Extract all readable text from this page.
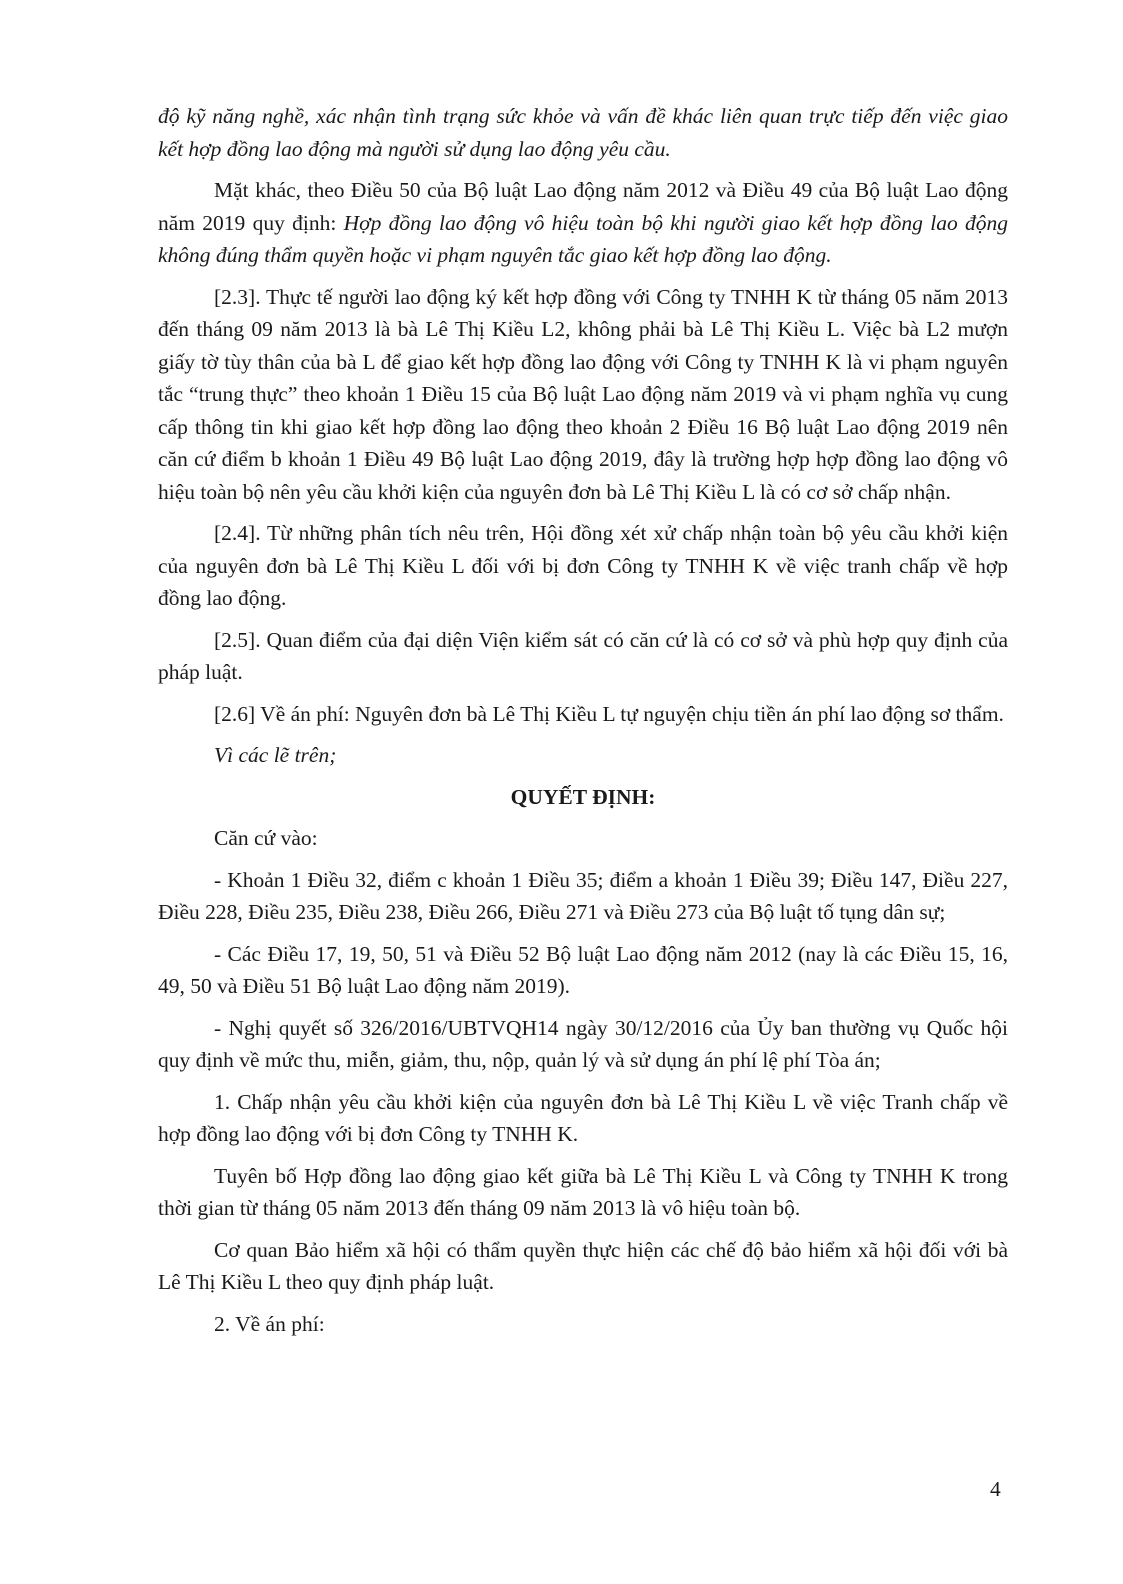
độ kỹ năng nghề, xác nhận tình trạng sức khỏe và vấn đề khác liên quan trực tiếp đến việc giao kết hợp đồng lao động mà người sử dụng lao động yêu cầu.

Mặt khác, theo Điều 50 của Bộ luật Lao động năm 2012 và Điều 49 của Bộ luật Lao động năm 2019 quy định: Hợp đồng lao động vô hiệu toàn bộ khi người giao kết hợp đồng lao động không đúng thẩm quyền hoặc vi phạm nguyên tắc giao kết hợp đồng lao động.

[2.3]. Thực tế người lao động ký kết hợp đồng với Công ty TNHH K từ tháng 05 năm 2013 đến tháng 09 năm 2013 là bà Lê Thị Kiều L2, không phải bà Lê Thị Kiều L. Việc bà L2 mượn giấy tờ tùy thân của bà L để giao kết hợp đồng lao động với Công ty TNHH K là vi phạm nguyên tắc “trung thực” theo khoản 1 Điều 15 của Bộ luật Lao động năm 2019 và vi phạm nghĩa vụ cung cấp thông tin khi giao kết hợp đồng lao động theo khoản 2 Điều 16 Bộ luật Lao động 2019 nên căn cứ điểm b khoản 1 Điều 49 Bộ luật Lao động 2019, đây là trường hợp hợp đồng lao động vô hiệu toàn bộ nên yêu cầu khởi kiện của nguyên đơn bà Lê Thị Kiều L là có cơ sở chấp nhận.

[2.4]. Từ những phân tích nêu trên, Hội đồng xét xử chấp nhận toàn bộ yêu cầu khởi kiện của nguyên đơn bà Lê Thị Kiều L đối với bị đơn Công ty TNHH K về việc tranh chấp về hợp đồng lao động.

[2.5]. Quan điểm của đại diện Viện kiểm sát có căn cứ là có cơ sở và phù hợp quy định của pháp luật.

[2.6] Về án phí: Nguyên đơn bà Lê Thị Kiều L tự nguyện chịu tiền án phí lao động sơ thẩm.

Vì các lẽ trên;

QUYẾT ĐỊNH:

Căn cứ vào:

- Khoản 1 Điều 32, điểm c khoản 1 Điều 35; điểm a khoản 1 Điều 39; Điều 147, Điều 227, Điều 228, Điều 235, Điều 238, Điều 266, Điều 271 và Điều 273 của Bộ luật tố tụng dân sự;

- Các Điều 17, 19, 50, 51 và Điều 52 Bộ luật Lao động năm 2012 (nay là các Điều 15, 16, 49, 50 và Điều 51 Bộ luật Lao động năm 2019).

- Nghị quyết số 326/2016/UBTVQH14 ngày 30/12/2016 của Ủy ban thường vụ Quốc hội quy định về mức thu, miễn, giảm, thu, nộp, quản lý và sử dụng án phí lệ phí Tòa án;

1. Chấp nhận yêu cầu khởi kiện của nguyên đơn bà Lê Thị Kiều L về việc Tranh chấp về hợp đồng lao động với bị đơn Công ty TNHH K.

Tuyên bố Hợp đồng lao động giao kết giữa bà Lê Thị Kiều L và Công ty TNHH K trong thời gian từ tháng 05 năm 2013 đến tháng 09 năm 2013 là vô hiệu toàn bộ.

Cơ quan Bảo hiểm xã hội có thẩm quyền thực hiện các chế độ bảo hiểm xã hội đối với bà Lê Thị Kiều L theo quy định pháp luật.

2. Về án phí:

4
